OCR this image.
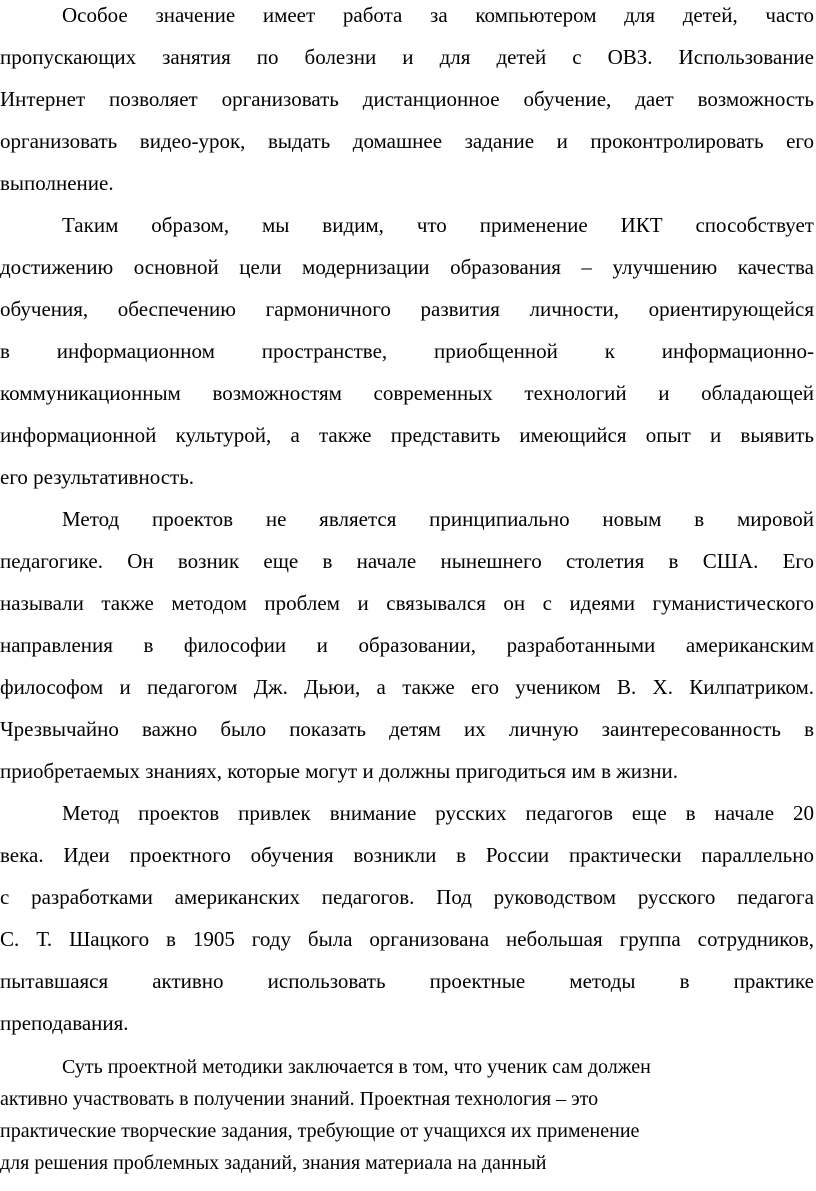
Особое значение имеет работа за компьютером для детей, часто
пропускающих занятия по болезни и для детей с ОВЗ. Использование
Интернет позволяет организовать дистанционное обучение, дает возможность
организовать видео-урок, выдать домашнее задание и проконтролировать его
выполнение.
Таким образом, мы видим, что применение ИКТ способствует
достижению основной цели модернизации образования – улучшению качества
обучения, обеспечению гармоничного развития личности, ориентирующейся
в информационном пространстве, приобщенной к информационно-
коммуникационным возможностям современных технологий и обладающей
информационной культурой, а также представить имеющийся опыт и выявить
его результативность.
Метод проектов не является принципиально новым в мировой
педагогике. Он возник еще в начале нынешнего столетия в США. Его
называли также методом проблем и связывался он с идеями гуманистического
направления в философии и образовании, разработанными американским
философом и педагогом Дж. Дьюи, а также его учеником В. Х. Килпатриком.
Чрезвычайно важно было показать детям их личную заинтересованность в
приобретаемых знаниях, которые могут и должны пригодиться им в жизни.
Метод проектов привлек внимание русских педагогов еще в начале 20
века. Идеи проектного обучения возникли в России практически параллельно
с разработками американских педагогов. Под руководством русского педагога
С. Т. Шацкого в 1905 году была организована небольшая группа сотрудников,
пытавшаяся активно использовать проектные методы в практике
преподавания.
Суть проектной методики заключается в том, что ученик сам должен
активно участвовать в получении знаний. Проектная технология – это
практические творческие задания, требующие от учащихся их применение
для решения проблемных заданий, знания материала на данный
